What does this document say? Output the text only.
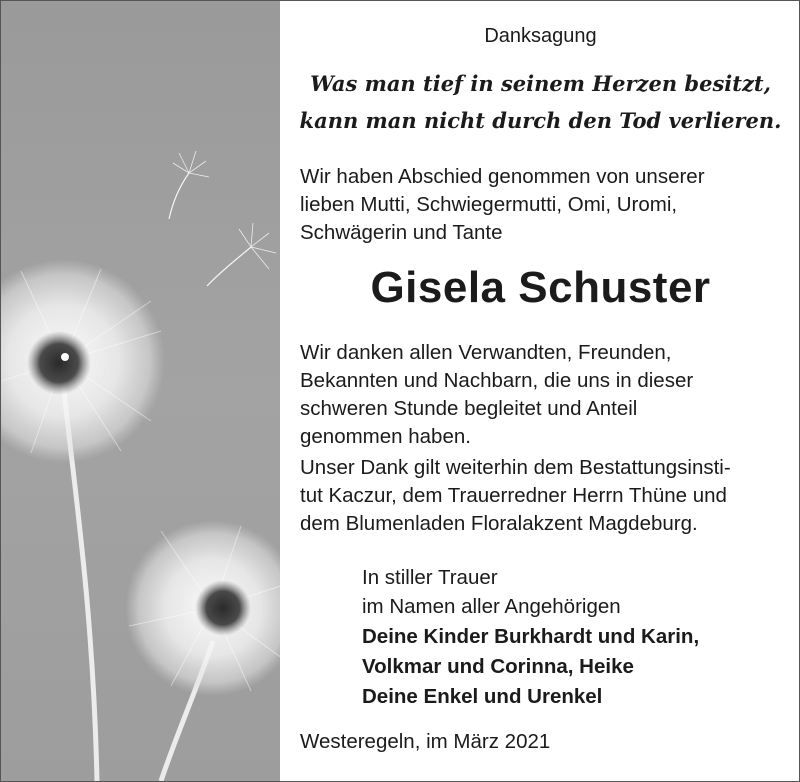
Danksagung
Was man tief in seinem Herzen besitzt,
kann man nicht durch den Tod verlieren.
Wir haben Abschied genommen von unserer
lieben Mutti, Schwiegermutti, Omi, Uromi,
Schwägerin und Tante
Gisela Schuster
Wir danken allen Verwandten, Freunden,
Bekannten und Nachbarn, die uns in dieser
schweren Stunde begleitet und Anteil
genommen haben.
Unser Dank gilt weiterhin dem Bestattungsinsti-
tut Kaczur, dem Trauerredner Herrn Thüne und
dem Blumenladen Floralakzent Magdeburg.
In stiller Trauer
im Namen aller Angehörigen
Deine Kinder Burkhardt und Karin,
Volkmar und Corinna, Heike
Deine Enkel und Urenkel
Westeregeln, im März 2021
